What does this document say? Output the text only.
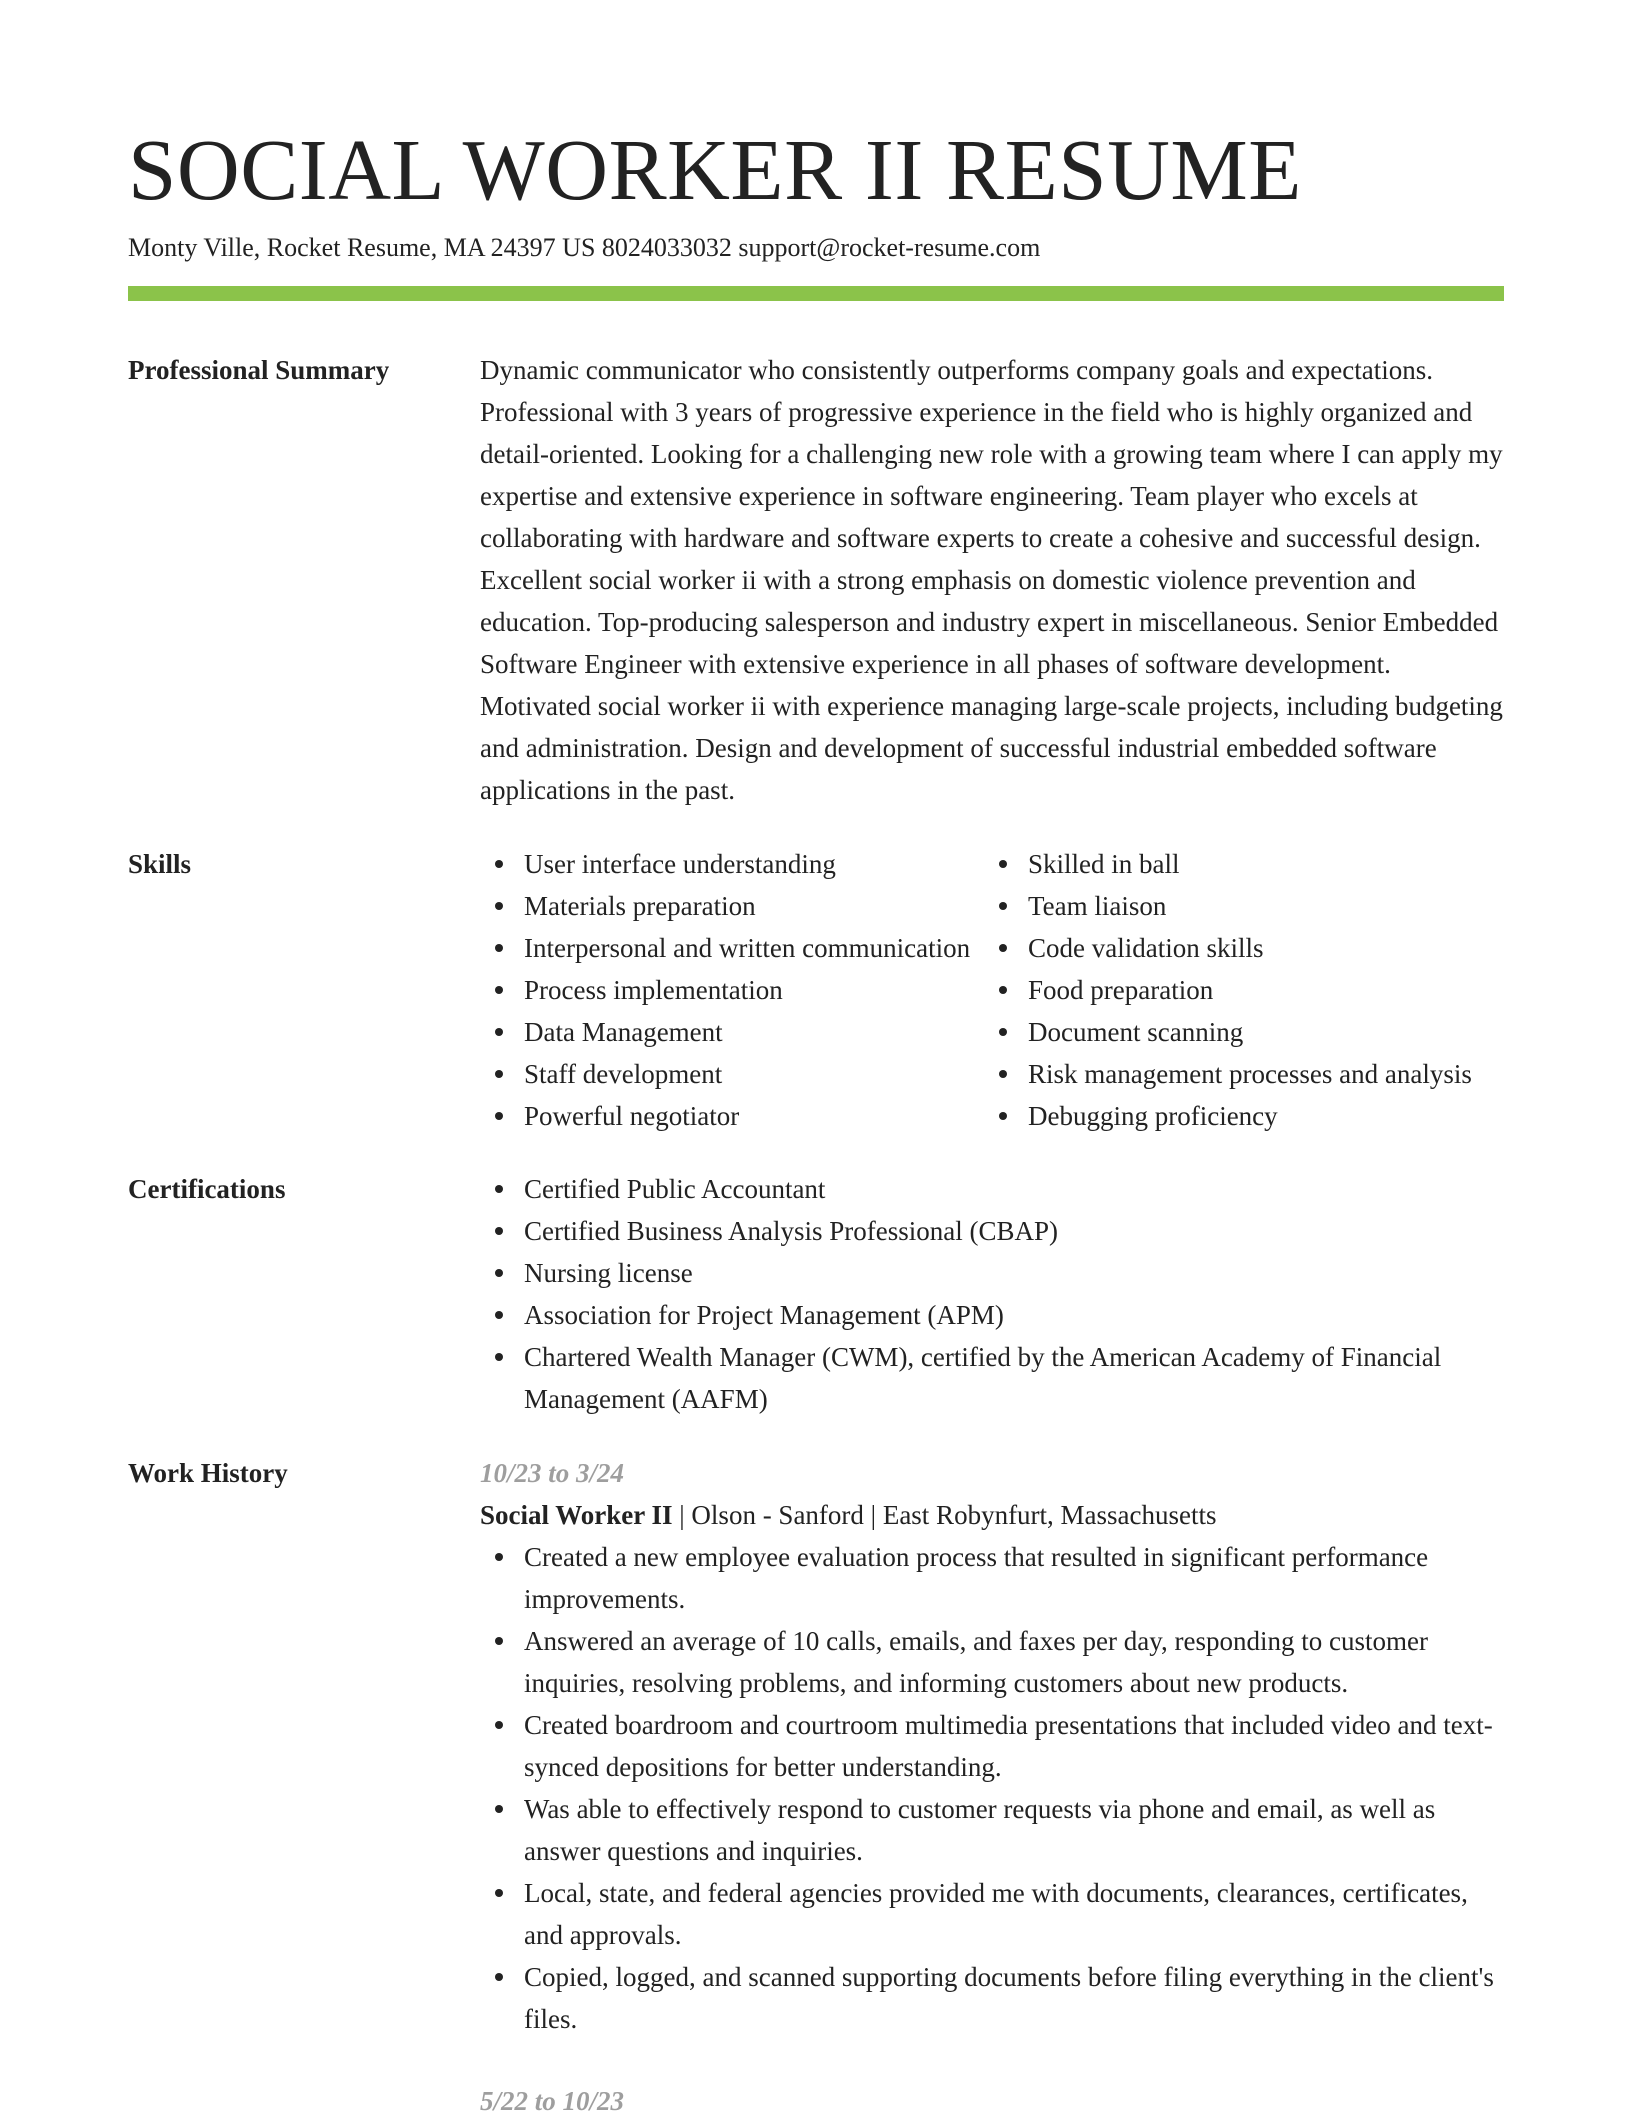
SOCIAL WORKER II RESUME
Monty Ville, Rocket Resume, MA 24397 US 8024033032 support@rocket-resume.com
Professional Summary	Dynamic communicator who consistently outperforms company goals and expectations. Professional with 3 years of progressive experience in the field who is highly organized and detail-oriented. Looking for a challenging new role with a growing team where I can apply my expertise and extensive experience in software engineering. Team player who excels at collaborating with hardware and software experts to create a cohesive and successful design. Excellent social worker ii with a strong emphasis on domestic violence prevention and education. Top-producing salesperson and industry expert in miscellaneous. Senior Embedded Software Engineer with extensive experience in all phases of software development. Motivated social worker ii with experience managing large-scale projects, including budgeting and administration. Design and development of successful industrial embedded software applications in the past.

Skills	User interface understanding
Materials preparation
Interpersonal and written communication
Process implementation
Data Management
Staff development
Powerful negotiator
Skilled in ball
Team liaison
Code validation skills
Food preparation
Document scanning
Risk management processes and analysis
Debugging proficiency
Certifications	Certified Public Accountant
Certified Business Analysis Professional (CBAP)
Nursing license
Association for Project Management (APM)
Chartered Wealth Manager (CWM), certified by the American Academy of Financial Management (AAFM)
Work History	10/23 to 3/24
Social Worker II | Olson - Sanford | East Robynfurt, Massachusetts
Created a new employee evaluation process that resulted in significant performance improvements.
Answered an average of 10 calls, emails, and faxes per day, responding to customer inquiries, resolving problems, and informing customers about new products.
Created boardroom and courtroom multimedia presentations that included video and text-synced depositions for better understanding.
Was able to effectively respond to customer requests via phone and email, as well as answer questions and inquiries.
Local, state, and federal agencies provided me with documents, clearances, certificates, and approvals.
Copied, logged, and scanned supporting documents before filing everything in the client's files.
5/22 to 10/23
